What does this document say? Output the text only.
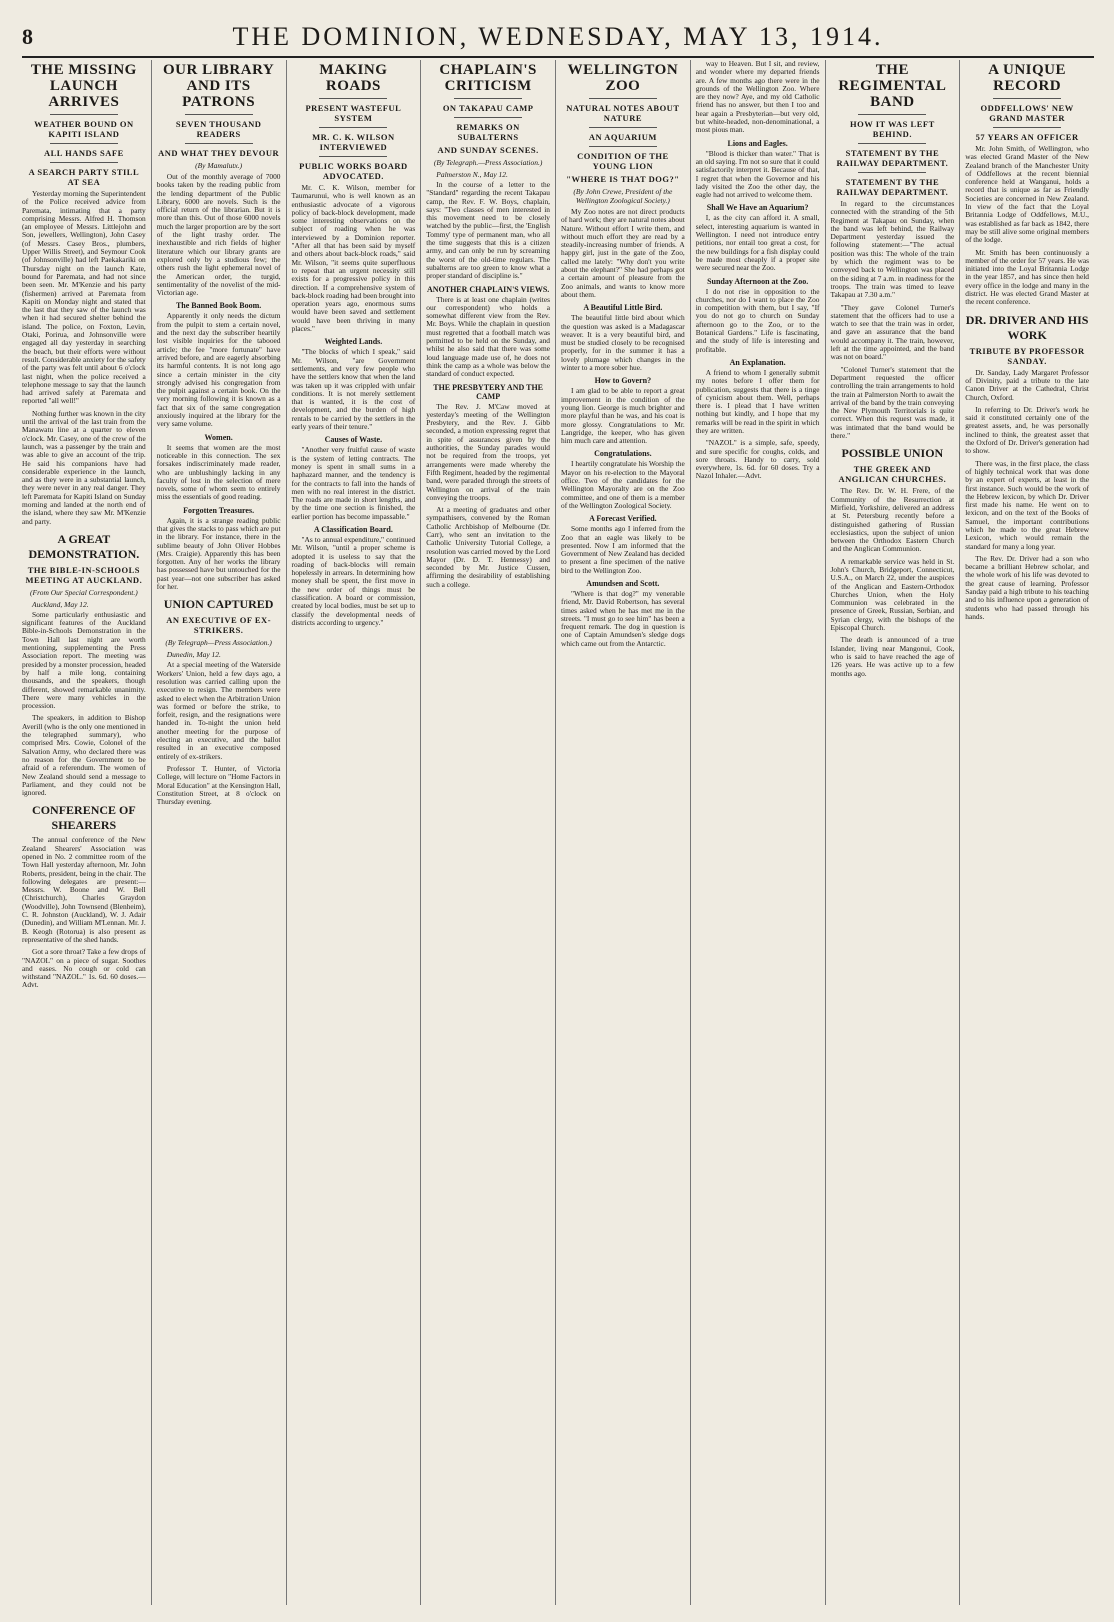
8	THE DOMINION, WEDNESDAY, MAY 13, 1914.
THE MISSING LAUNCH ARRIVES
WEATHER BOUND ON KAPITI ISLAND
ALL HANDS SAFE
A SEARCH PARTY STILL AT SEA

Yesterday morning the Superintendent of the Police received advice from Paremata, intimating that a party comprising Messrs. Alfred H. Thomson (an employee of Messrs. Littlejohn and Son, jewellers, Wellington), John Casey (of Messrs. Casey Bros., plumbers, Upper Willis Street), and Seymour Cook (of Johnsonville) had left Paekakariki on Thursday night on the launch Kate, bound for Paremata, and had not since been seen. Mr. M'Kenzie and his party (fishermen) arrived at Paremata from Kapiti on Monday night and stated that the last that they saw of the launch was when it had secured shelter behind the island. The police, on Foxton, Levin, Otaki, Porirua, and Johnsonville were engaged all day yesterday in searching the beach, but their efforts were without result. Considerable anxiety for the safety of the party was felt until about 6 o'clock last night, when the police received a telephone message to say that the launch had arrived safely at Paremata and reported "all well!"

Nothing further was known in the city until the arrival of the last train from the Manawatu line at a quarter to eleven o'clock. Mr. Casey, one of the crew of the launch, was a passenger by the train and was able to give an account of the trip. He said his companions have had considerable experience in the launch, and as they were in a substantial launch, they were never in any real danger. They left Paremata for Kapiti Island on Sunday morning and landed at the north end of the island, where they saw Mr. M'Kenzie and party.

A GREAT DEMONSTRATION.
THE BIBLE-IN-SCHOOLS MEETING AT AUCKLAND.
(From Our Special Correspondent.)
Auckland, May 12.

Some particularly enthusiastic and significant features of the Auckland Bible-in-Schools Demonstration in the Town Hall last night are worth mentioning, supplementing the Press Association report. The meeting was presided by a monster procession, headed by half a mile long, containing thousands, and the speakers, though different, showed remarkable unanimity. There were many vehicles in the procession.

The speakers, in addition to Bishop Averill (who is the only one mentioned in the telegraphed summary), who comprised Mrs. Cowie, Colonel of the Salvation Army, who declared there was no reason for the Government to be afraid of a referendum. The women of New Zealand should send a message to Parliament, and they could not be ignored.

CONFERENCE OF SHEARERS

The annual conference of the New Zealand Shearers' Association was opened in No. 2 committee room of the Town Hall yesterday afternoon, Mr. John Roberts, president, being in the chair. The following delegates are present:—Messrs. W. Boone and W. Bell (Christchurch), Charles Graydon (Woodville), John Townsend (Blenheim), C. R. Johnston (Auckland), W. J. Adair (Dunedin), and William M'Lennan. Mr. J. B. Keogh (Rotorua) is also present as representative of the shed hands.

Got a sore throat? Take a few drops of "NAZOL" on a piece of sugar. Soothes and eases. No cough or cold can withstand "NAZOL." 1s. 6d. 60 doses.—Advt.

OUR LIBRARY AND ITS PATRONS
SEVEN THOUSAND READERS
AND WHAT THEY DEVOUR
(By Mamalutx.)

Out of the monthly average of 7000 books taken by the reading public from the lending department of the Public Library, 6000 are novels. Such is the official return of the librarian. But it is more than this. Out of those 6000 novels much the larger proportion are by the sort of the light trashy order. The inexhaustible and rich fields of higher literature which our library grants are explored only by a studious few; the others rush the light ephemeral novel of the American order, the turgid, sentimentality of the novelist of the mid-Victorian age.

The Banned Book Boom.

Apparently it only needs the dictum from the pulpit to stem a certain novel, and the next day the subscriber heartily lost visible inquiries for the tabooed article; the fee "more fortunate" have arrived before, and are eagerly absorbing its harmful contents. It is not long ago since a certain minister in the city strongly advised his congregation from the pulpit against a certain book. On the very morning following it is known as a fact that six of the same congregation anxiously inquired at the library for the very same volume.

Women.

It seems that women are the most noticeable in this connection. The sex forsakes indiscriminately made reader, who are unblushingly lacking in any faculty of lost in the selection of mere novels, some of whom seem to entirely miss the essentials of good reading.

Forgotten Treasures.

Again, it is a strange reading public that gives the stacks to pass which are put in the library. For instance, there in the sublime beauty of John Oliver Hobbes (Mrs. Craigie). Apparently this has been forgotten. Any of her works the library has possessed have but untouched for the past year—not one subscriber has asked for her.

UNION CAPTURED
AN EXECUTIVE OF EX-STRIKERS.
(By Telegraph—Press Association.)
Dunedin, May 12.

At a special meeting of the Waterside Workers' Union, held a few days ago, a resolution was carried calling upon the executive to resign. The members were asked to elect when the Arbitration Union was formed or before the strike, to forfeit, resign, and the resignations were handed in. To-night the union held another meeting for the purpose of electing an executive, and the ballot resulted in an executive composed entirely of ex-strikers.

Professor T. Hunter, of Victoria College, will lecture on "Home Factors in Moral Education" at the Kensington Hall, Constitution Street, at 8 o'clock on Thursday evening.

MAKING ROADS
PRESENT WASTEFUL SYSTEM
MR. C. K. WILSON INTERVIEWED
PUBLIC WORKS BOARD ADVOCATED.

Mr. C. K. Wilson, member for Taumarunui, who is well known as an enthusiastic advocate of a vigorous policy of back-block development, made some interesting observations on the subject of roading when he was interviewed by a Dominion reporter. "After all that has been said by myself and others about back-block roads," said Mr. Wilson, "it seems quite superfluous to repeat that an urgent necessity still exists for a progressive policy in this direction. If a comprehensive system of back-block roading had been brought into operation years ago, enormous sums would have been saved and settlement would have been thriving in many places."

Weighted Lands.

"The blocks of which I speak," said Mr. Wilson, "are Government settlements, and very few people who have the settlers know that when the land was taken up it was crippled with unfair conditions. It is not merely settlement that is wanted, it is the cost of development, and the burden of high rentals to be carried by the settlers in the early years of their tenure."

Causes of Waste.

"Another very fruitful cause of waste is the system of letting contracts. The money is spent in small sums in a haphazard manner, and the tendency is for the contracts to fall into the hands of men with no real interest in the district. The roads are made in short lengths, and by the time one section is finished, the earlier portion has become impassable."

A Classification Board.

"As to annual expenditure," continued Mr. Wilson, "until a proper scheme is adopted it is useless to say that the roading of back-blocks will remain hopelessly in arrears. In determining how money shall be spent, the first move in the new order of things must be classification. A board or commission, created by local bodies, must be set up to classify the developmental needs of districts according to urgency."

CHAPLAIN'S CRITICISM
ON TAKAPAU CAMP
REMARKS ON SUBALTERNS
AND SUNDAY SCENES.
(By Telegraph.—Press Association.)
Palmerston N., May 12.

In the course of a letter to the "Standard" regarding the recent Takapau camp, the Rev. F. W. Boys, chaplain, says: "Two classes of men interested in this movement need to be closely watched by the public—first, the 'English Tommy' type of permanent man, who all the time suggests that this is a citizen army, and can only be run by screaming the worst of the old-time regulars. The subalterns are too green to know what a proper standard of discipline is."

ANOTHER CHAPLAIN'S VIEWS.

There is at least one chaplain (writes our correspondent) who holds a somewhat different view from the Rev. Mr. Boys. While the chaplain in question must regretted that a football match was permitted to be held on the Sunday, and whilst he also said that there was some loud language made use of, he does not think the camp as a whole was below the standard of conduct expected.

THE PRESBYTERY AND THE CAMP

The Rev. J. M'Caw moved at yesterday's meeting of the Wellington Presbytery, and the Rev. J. Gibb seconded, a motion expressing regret that in spite of assurances given by the authorities, the Sunday parades would not be required from the troops, yet arrangements were made whereby the Fifth Regiment, headed by the regimental band, were paraded through the streets of Wellington on arrival of the train conveying the troops.

At a meeting of graduates and other sympathisers, convened by the Roman Catholic Archbishop of Melbourne (Dr. Carr), who sent an invitation to the Catholic University Tutorial College, a resolution was carried moved by the Lord Mayor (Dr. D. T. Hennessy) and seconded by Mr. Justice Cussen, affirming the desirability of establishing such a college.

WELLINGTON ZOO
NATURAL NOTES ABOUT NATURE
AN AQUARIUM
CONDITION OF THE YOUNG LION
"WHERE IS THAT DOG?"
(By John Crewe, President of the Wellington Zoological Society.)

My Zoo notes are not direct products of hard work; they are natural notes about Nature. Without effort I write them, and without much effort they are read by a steadily-increasing number of friends. A happy girl, just in the gate of the Zoo, called me lately: "Why don't you write about the elephant?" She had perhaps got a certain amount of pleasure from the Zoo animals, and wants to know more about them.

A Beautiful Little Bird.

The beautiful little bird about which the question was asked is a Madagascar weaver. It is a very beautiful bird, and must be studied closely to be recognised properly, for in the summer it has a lovely plumage which changes in the winter to a more sober hue.

How to Govern?

I am glad to be able to report a great improvement in the condition of the young lion. George is much brighter and more playful than he was, and his coat is more glossy. Congratulations to Mr. Langridge, the keeper, who has given him much care and attention.

Congratulations.

I heartily congratulate his Worship the Mayor on his re-election to the Mayoral office. Two of the candidates for the Wellington Mayoralty are on the Zoo committee, and one of them is a member of the Wellington Zoological Society.

A Forecast Verified.

Some months ago I inferred from the Zoo that an eagle was likely to be presented. Now I am informed that the Government of New Zealand has decided to present a fine specimen of the native bird to the Wellington Zoo.

Amundsen and Scott.

"Where is that dog?" my venerable friend, Mr. David Robertson, has several times asked when he has met me in the streets. "I must go to see him" has been a frequent remark. The dog in question is one of Captain Amundsen's sledge dogs which came out from the Antarctic.

way to Heaven. But I sit, and review, and wonder where my departed friends are. A few months ago there were in the grounds of the Wellington Zoo. Where are they now? Aye, and my old Catholic friend has no answer, but then I too and hear again a Presbyterian—but very old, but white-headed, non-denominational, a most pious man.

Lions and Eagles.

"Blood is thicker than water." That is an old saying. I'm not so sure that it could satisfactorily interpret it. Because of that, I regret that when the Governor and his lady visited the Zoo the other day, the eagle had not arrived to welcome them.

Shall We Have an Aquarium?

I, as the city can afford it. A small, select, interesting aquarium is wanted in Wellington. I need not introduce entry petitions, nor entail too great a cost, for the new buildings for a fish display could be made most cheaply if a proper site were secured near the Zoo.

Sunday Afternoon at the Zoo.

I do not rise in opposition to the churches, nor do I want to place the Zoo in competition with them, but I say, "If you do not go to church on Sunday afternoon go to the Zoo, or to the Botanical Gardens." Life is fascinating, and the study of life is interesting and profitable.

An Explanation.

A friend to whom I generally submit my notes before I offer them for publication, suggests that there is a tinge of cynicism about them. Well, perhaps there is. I plead that I have written nothing but kindly, and I hope that my remarks will be read in the spirit in which they are written.

"NAZOL" is a simple, safe, speedy, and sure specific for coughs, colds, and sore throats. Handy to carry, sold everywhere, 1s. 6d. for 60 doses. Try a Nazol Inhaler.—Advt.

THE REGIMENTAL BAND
HOW IT WAS LEFT BEHIND.
STATEMENT BY THE RAILWAY DEPARTMENT.
STATEMENT BY THE RAILWAY DEPARTMENT.

In regard to the circumstances connected with the stranding of the 5th Regiment at Takapau on Sunday, when the band was left behind, the Railway Department yesterday issued the following statement:—"The actual position was this: The whole of the train by which the regiment was to be conveyed back to Wellington was placed on the siding at 7 a.m. in readiness for the troops. The train was timed to leave Takapau at 7.30 a.m."

"They gave Colonel Turner's statement that the officers had to use a watch to see that the train was in order, and gave an assurance that the band would accompany it. The train, however, left at the time appointed, and the band was not on board."

"Colonel Turner's statement that the Department requested the officer controlling the train arrangements to hold the train at Palmerston North to await the arrival of the band by the train conveying the New Plymouth Territorials is quite correct. When this request was made, it was intimated that the band would be there."

POSSIBLE UNION
THE GREEK AND ANGLICAN CHURCHES.

The Rev. Dr. W. H. Frere, of the Community of the Resurrection at Mirfield, Yorkshire, delivered an address at St. Petersburg recently before a distinguished gathering of Russian ecclesiastics, upon the subject of union between the Orthodox Eastern Church and the Anglican Communion.

A remarkable service was held in St. John's Church, Bridgeport, Connecticut, U.S.A., on March 22, under the auspices of the Anglican and Eastern-Orthodox Churches Union, when the Holy Communion was celebrated in the presence of Greek, Russian, Serbian, and Syrian clergy, with the bishops of the Episcopal Church.

The death is announced of a true Islander, living near Mangonui, Cook, who is said to have reached the age of 126 years. He was active up to a few months ago.

A UNIQUE RECORD
ODDFELLOWS' NEW GRAND MASTER
57 YEARS AN OFFICER

Mr. John Smith, of Wellington, who was elected Grand Master of the New Zealand branch of the Manchester Unity of Oddfellows at the recent biennial conference held at Wanganui, holds a record that is unique as far as Friendly Societies are concerned in New Zealand. In view of the fact that the Loyal Britannia Lodge of Oddfellows, M.U., was established as far back as 1842, there may be still alive some original members of the lodge.

Mr. Smith has been continuously a member of the order for 57 years. He was initiated into the Loyal Britannia Lodge in the year 1857, and has since then held every office in the lodge and many in the district. He was elected Grand Master at the recent conference.

DR. DRIVER AND HIS WORK
TRIBUTE BY PROFESSOR SANDAY.

Dr. Sanday, Lady Margaret Professor of Divinity, paid a tribute to the late Canon Driver at the Cathedral, Christ Church, Oxford.

In referring to Dr. Driver's work he said it constituted certainly one of the greatest assets, and, he was personally inclined to think, the greatest asset that the Oxford of Dr. Driver's generation had to show.

There was, in the first place, the class of highly technical work that was done by an expert of experts, at least in the first instance. Such would be the work of the Hebrew lexicon, by which Dr. Driver first made his name. He went on to lexicon, and on the text of the Books of Samuel, the important contributions which he made to the great Hebrew Lexicon, which would remain the standard for many a long year.

The Rev. Dr. Driver had a son who became a brilliant Hebrew scholar, and the whole work of his life was devoted to the great cause of learning. Professor Sanday paid a high tribute to his teaching and to his influence upon a generation of students who had passed through his hands.
